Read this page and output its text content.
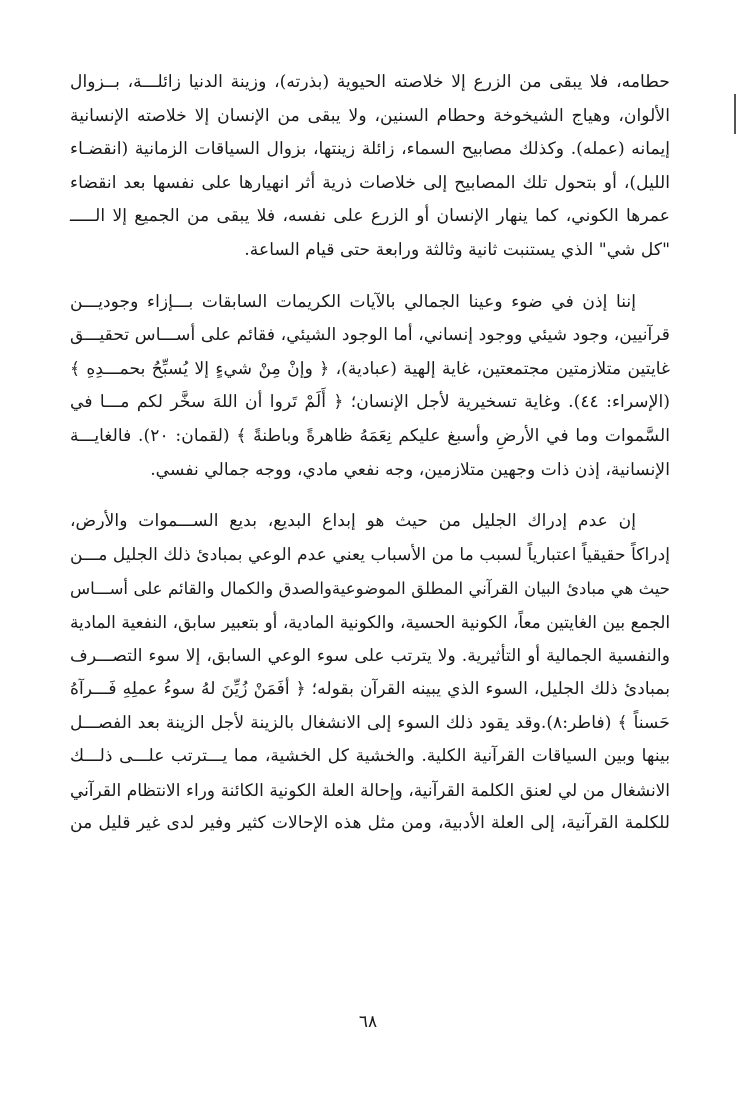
حطامه، فلا يبقى من الزرع إلا خلاصته الحيوية (بذرته)، وزينة الدنيا زائلـــة، بــزوال
الألوان، وهياج الشيخوخة وحطام السنين، ولا يبقى من الإنسان إلا خلاصته الإنسانية
إيمانه (عمله). وكذلك مصابيح السماء، زائلة زينتها، بزوال السياقات الزمانية (انقضـاء
الليل)، أو بتحول تلك المصابيح إلى خلاصات ذرية أثر انهيارها على نفسها بعد انقضاء
عمرها الكوني، كما ينهار الإنسان أو الزرع على نفسه، فلا يبقى من الجميع إلا الـــــ
"كل شي" الذي يستنبت ثانية وثالثة ورابعة حتى قيام الساعة.

إننا إذن في ضوء وعينا الجمالي بالآيات الكريمات السابقات بـــإزاء وجوديـــن
قرآنيين، وجود شيئي ووجود إنساني، أما الوجود الشيئي، فقائم على أســـاس تحقيـــق
غايتين متلازمتين مجتمعتين، غاية إلهية (عبادية)، ﴿ وإنْ مِنْ شيءٍ إلا يُسبِّحُ بحمـــدِهِ ﴾
(الإسراء: ٤٤). وغاية تسخيرية لأجل الإنسان؛ ﴿ أَلَمْ تَروا أن اللهَ سخَّر لكم مـــا في
السَّموات وما في الأرضِ وأسبغ عليكم نِعَمَهُ ظاهرةً وباطنةً ﴾ (لقمان: ٢٠). فالغايـــة
الإنسانية، إذن ذات وجهين متلازمين، وجه نفعي مادي، ووجه جمالي نفسي.

إن عدم إدراك الجليل من حيث هو إبداع البديع، بديع الســـموات والأرض،
إدراكاً حقيقياً اعتبارياً لسبب ما من الأسباب يعني عدم الوعي بمبادئ ذلك الجليل مـــن
حيث هي مبادئ البيان القرآني المطلق الموضوعيةوالصدق والكمال والقائم على أســـاس
الجمع بين الغايتين معاً، الكونية الحسية، والكونية المادية، أو بتعبير سابق، النفعية المادية
والنفسية الجمالية أو التأثيرية. ولا يترتب على سوء الوعي السابق، إلا سوء التصـــرف
بمبادئ ذلك الجليل، السوء الذي يبينه القرآن بقوله؛ ﴿ أفَمَنْ زُيِّنَ لهُ سوءُ عملِهِ فَـــرآهُ
حَسناً ﴾ (فاطر:٨).وقد يقود ذلك السوء إلى الانشغال بالزينة لأجل الزينة بعد الفصـــل
بينها وبين السياقات القرآنية الكلية. والخشية كل الخشية، مما يـــترتب علـــى ذلـــك
الانشغال من لي لعنق الكلمة القرآنية، وإحالة العلة الكونية الكائنة وراء الانتظام القرآني
للكلمة القرآنية، إلى العلة الأدبية، ومن مثل هذه الإحالات كثير وفير لدى غير قليل من

٦٨
